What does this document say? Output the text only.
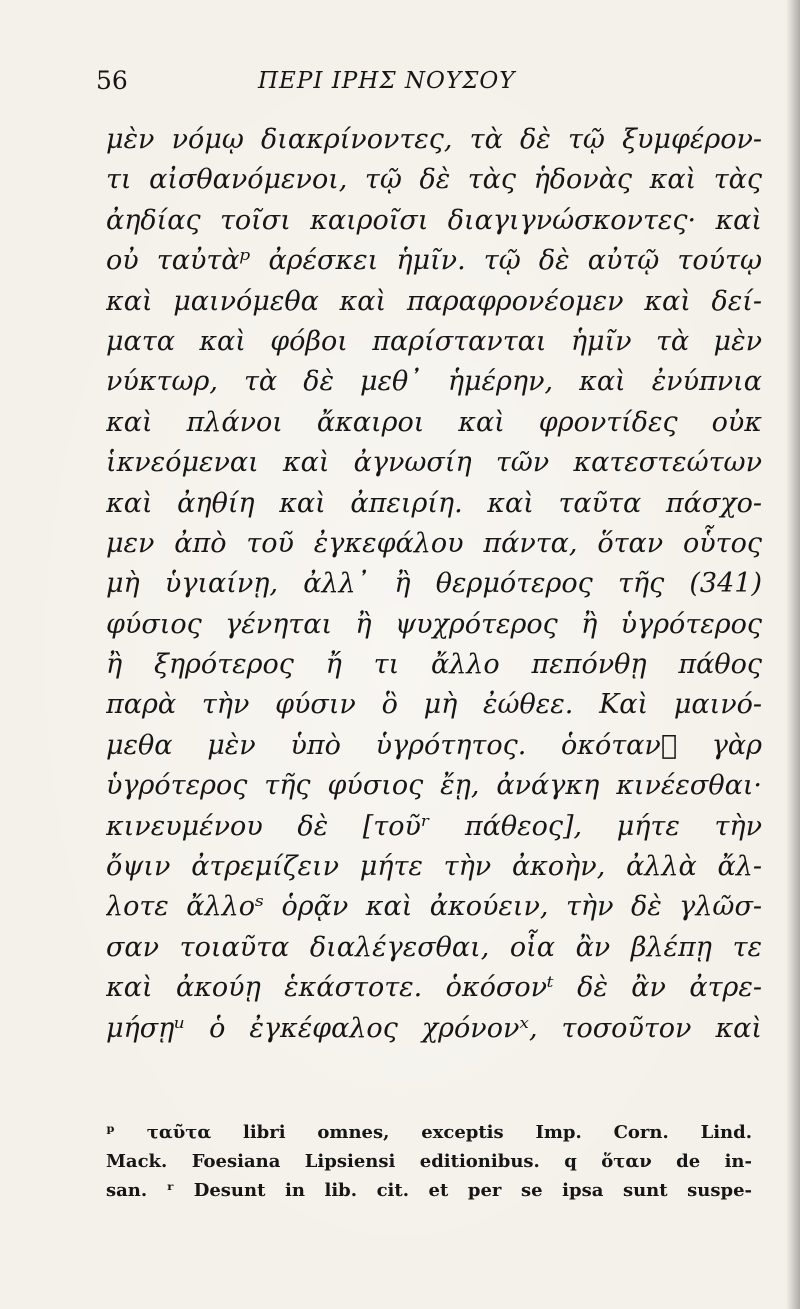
56	ΠΕΡΙ ΙΡΗΣ ΝΟΥΣΟΥ
μὲν νόμῳ διακρίνοντες, τὰ δὲ τῷ ξυμφέρον-
τι αἰσθανόμενοι, τῷ δὲ τὰς ἡδονὰς καὶ τὰς
ἀηδίας τοῖσι καιροῖσι διαγιγνώσκοντες· καὶ
οὐ ταὐτὰᵖ ἀρέσκει ἡμῖν. τῷ δὲ αὐτῷ τούτῳ
καὶ μαινόμεθα καὶ παραφρονέομεν καὶ δεί-
ματα καὶ φόβοι παρίστανται ἡμῖν τὰ μὲν
νύκτωρ, τὰ δὲ μεθ᾽ ἡμέρην, καὶ ἐνύπνια
καὶ πλάνοι ἄκαιροι καὶ φροντίδες οὐκ
ἱκνεόμεναι καὶ ἀγνωσίη τῶν κατεστεώτων
καὶ ἀηθίη καὶ ἀπειρίη. καὶ ταῦτα πάσχο-
μεν ἀπὸ τοῦ ἐγκεφάλου πάντα, ὅταν οὗτος
μὴ ὑγιαίνῃ, ἀλλ᾽ ἢ θερμότερος τῆς (341)
φύσιος γένηται ἢ ψυχρότερος ἢ ὑγρότερος
ἢ ξηρότερος ἤ τι ἄλλο πεπόνθῃ πάθος
παρὰ τὴν φύσιν ὃ μὴ ἐώθεε. Καὶ μαινό-
μεθα μὲν ὑπὸ ὑγρότητος. ὁκόταν᪽ γὰρ
ὑγρότερος τῆς φύσιος ἔῃ, ἀνάγκη κινέεσθαι·
κινευμένου δὲ [τοῦʳ πάθεος], μήτε τὴν
ὄψιν ἀτρεμίζειν μήτε τὴν ἀκοὴν, ἀλλὰ ἄλ-
λοτε ἄλλοˢ ὁρᾷν καὶ ἀκούειν, τὴν δὲ γλῶσ-
σαν τοιαῦτα διαλέγεσθαι, οἷα ἂν βλέπῃ τε
καὶ ἀκούῃ ἑκάστοτε. ὁκόσονᵗ δὲ ἂν ἀτρε-
μήσῃᵘ ὁ ἐγκέφαλος χρόνονˣ, τοσοῦτον καὶ
ᵖ ταῦτα libri omnes, exceptis Imp. Corn. Lind.
Mack. Foesiana Lipsiensi editionibus. q ὅταν de in-
san. ʳ Desunt in lib. cit. et per se ipsa sunt suspe-
